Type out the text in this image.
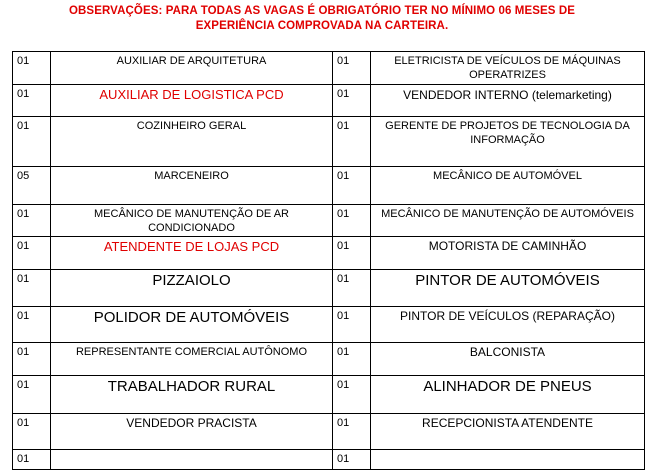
OBSERVAÇÕES: PARA TODAS AS VAGAS É OBRIGATÓRIO TER NO MÍNIMO 06 MESES DE
EXPERIÊNCIA COMPROVADA NA CARTEIRA.
01	AUXILIAR DE ARQUITETURA	01	ELETRICISTA DE VEÍCULOS DE MÁQUINAS OPERATRIZES
01	AUXILIAR DE LOGISTICA PCD	01	VENDEDOR INTERNO (telemarketing)
01	COZINHEIRO GERAL	01	GERENTE DE PROJETOS DE TECNOLOGIA DA INFORMAÇÃO
05	MARCENEIRO	01	MECÂNICO DE AUTOMÓVEL
01	MECÂNICO DE MANUTENÇÃO DE AR CONDICIONADO	01	MECÂNICO DE MANUTENÇÃO DE AUTOMÓVEIS
01	ATENDENTE DE LOJAS PCD	01	MOTORISTA DE CAMINHÃO
01	PIZZAIOLO	01	PINTOR DE AUTOMÓVEIS
01	POLIDOR DE AUTOMÓVEIS	01	PINTOR DE VEÍCULOS (REPARAÇÃO)
01	REPRESENTANTE COMERCIAL AUTÔNOMO	01	BALCONISTA
01	TRABALHADOR RURAL	01	ALINHADOR DE PNEUS
01	VENDEDOR PRACISTA	01	RECEPCIONISTA ATENDENTE
01		01	
